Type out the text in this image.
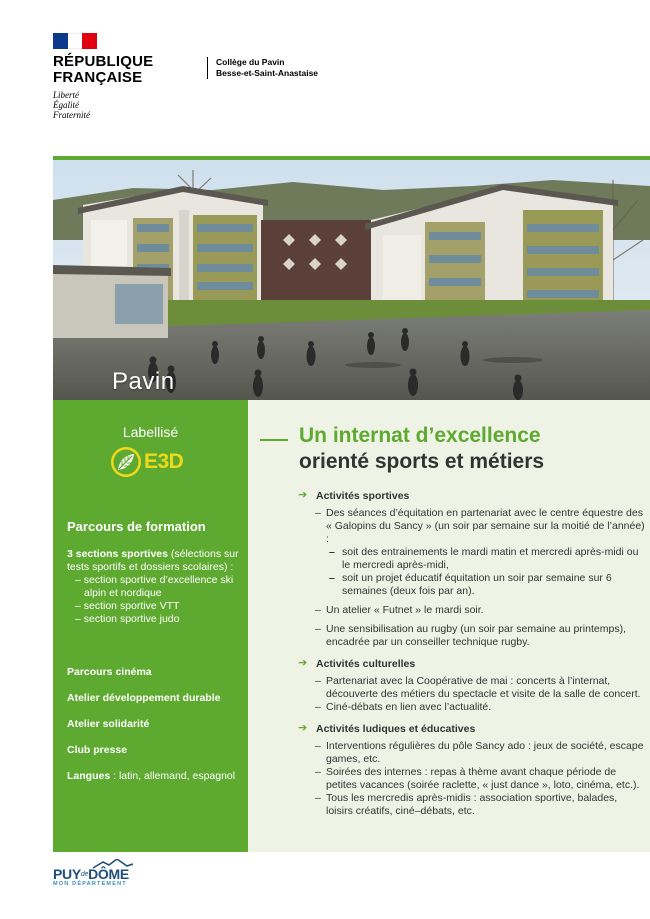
RÉPUBLIQUE
FRANÇAISE
Liberté
Égalité
Fraternité
Collège du Pavin
Besse-et-Saint-Anastaise
Pavin
Labellisé
E3D
Parcours de formation
3 sections sportives (sélections sur tests sportifs et dossiers scolaires) :
– section sportive d’excellence ski alpin et nordique
– section sportive VTT
– section sportive judo
Parcours cinéma
Atelier développement durable
Atelier solidarité
Club presse
Langues : latin, allemand, espagnol
Un internat d’excellence
orienté sports et métiers
➔ Activités sportives
– Des séances d’équitation en partenariat avec le centre équestre des « Galopins du Sancy » (un soir par semaine sur la moitié de l’année) :
– soit des entrainements le mardi matin et mercredi après-midi ou le mercredi après-midi,
– soit un projet éducatif équitation un soir par semaine sur 6 semaines (deux fois par an).
– Un atelier « Futnet » le mardi soir.
– Une sensibilisation au rugby (un soir par semaine au printemps), encadrée par un conseiller technique rugby.
➔ Activités culturelles
– Partenariat avec la Coopérative de mai : concerts à l’internat, découverte des métiers du spectacle et visite de la salle de concert.
– Ciné-débats en lien avec l’actualité.
➔ Activités ludiques et éducatives
– Interventions régulières du pôle Sancy ado : jeux de société, escape games, etc.
– Soirées des internes : repas à thème avant chaque période de petites vacances (soirée raclette, « just dance », loto, cinéma, etc.).
– Tous les mercredis après-midis : association sportive, balades, loisirs créatifs, ciné–débats, etc.
$PUY^{de}DÔME$
MON DÉPARTEMENT
